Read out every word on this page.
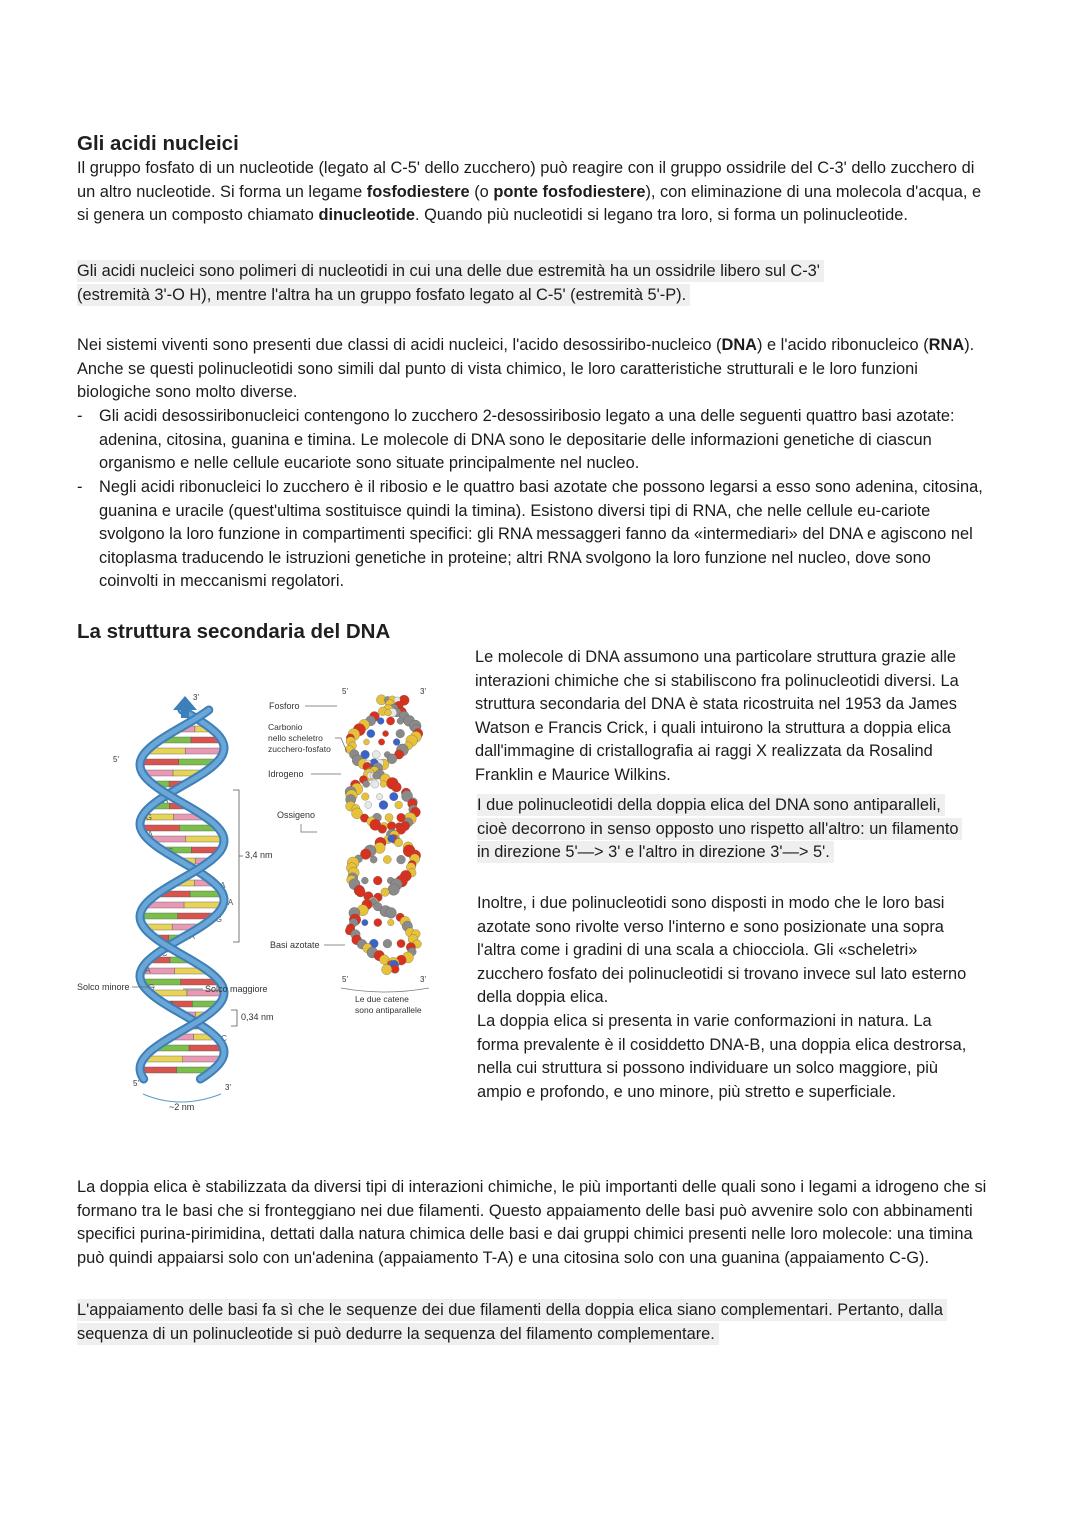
Gli acidi nucleici

Il gruppo fosfato di un nucleotide (legato al C-5' dello zucchero) può reagire con il gruppo ossidrile del C-3' dello zucchero di un altro nucleotide. Si forma un legame fosfodiestere (o ponte fosfodiestere), con eliminazione di una molecola d'acqua, e si genera un composto chiamato dinucleotide. Quando più nucleotidi si legano tra loro, si forma un polinucleotide.

Gli acidi nucleici sono polimeri di nucleotidi in cui una delle due estremità ha un ossidrile libero sul C-3' (estremità 3'-O H), mentre l'altra ha un gruppo fosfato legato al C-5' (estremità 5'-P).

Nei sistemi viventi sono presenti due classi di acidi nucleici, l'acido desossiribo-nucleico (DNA) e l'acido ribonucleico (RNA). Anche se questi polinucleotidi sono simili dal punto di vista chimico, le loro caratteristiche strutturali e le loro funzioni biologiche sono molto diverse.

- Gli acidi desossiribonucleici contengono lo zucchero 2-desossiribosio legato a una delle seguenti quattro basi azotate: adenina, citosina, guanina e timina. Le molecole di DNA sono le depositarie delle informazioni genetiche di ciascun organismo e nelle cellule eucariote sono situate principalmente nel nucleo.
- Negli acidi ribonucleici lo zucchero è il ribosio e le quattro basi azotate che possono legarsi a esso sono adenina, citosina, guanina e uracile (quest'ultima sostituisce quindi la timina). Esistono diversi tipi di RNA, che nelle cellule eu-cariote svolgono la loro funzione in compartimenti specifici: gli RNA messaggeri fanno da «intermediari» del DNA e agiscono nel citoplasma traducendo le istruzioni genetiche in proteine; altri RNA svolgono la loro funzione nel nucleo, dove sono coinvolti in meccanismi regolatori.
La struttura secondaria del DNA
A
G
A
G
C
A
A
G
A
C
A
G
A
A
C
3'
5'
Fosforo
Carbonio
nello scheletro
zucchero-fosfato
Idrogeno
Ossigeno
3,4 nm
Basi azotate
Solco minore	Solco maggiore
0,34 nm
5'	3'
~2 nm
5'	3'
5'	3'
Le due catene
sono antiparallele

Le molecole di DNA assumono una particolare struttura grazie alle interazioni chimiche che si stabiliscono fra polinucleotidi diversi. La struttura secondaria del DNA è stata ricostruita nel 1953 da James Watson e Francis Crick, i quali intuirono la struttura a doppia elica dall'immagine di cristallografia ai raggi X realizzata da Rosalind Franklin e Maurice Wilkins.

I due polinucleotidi della doppia elica del DNA sono antiparalleli, cioè decorrono in senso opposto uno rispetto all'altro: un filamento in direzione 5'—> 3' e l'altro in direzione 3'—> 5'.

Inoltre, i due polinucleotidi sono disposti in modo che le loro basi azotate sono rivolte verso l'interno e sono posizionate una sopra l'altra come i gradini di una scala a chiocciola. Gli «scheletri» zucchero fosfato dei polinucleotidi si trovano invece sul lato esterno della doppia elica.

La doppia elica si presenta in varie conformazioni in natura. La forma prevalente è il cosiddetto DNA-B, una doppia elica destrorsa, nella cui struttura si possono individuare un solco maggiore, più ampio e profondo, e uno minore, più stretto e superficiale.

La doppia elica è stabilizzata da diversi tipi di interazioni chimiche, le più importanti delle quali sono i legami a idrogeno che si formano tra le basi che si fronteggiano nei due filamenti. Questo appaiamento delle basi può avvenire solo con abbinamenti specifici purina-pirimidina, dettati dalla natura chimica delle basi e dai gruppi chimici presenti nelle loro molecole: una timina può quindi appaiarsi solo con un'adenina (appaiamento T-A) e una citosina solo con una guanina (appaiamento C-G).

L'appaiamento delle basi fa sì che le sequenze dei due filamenti della doppia elica siano complementari. Pertanto, dalla sequenza di un polinucleotide si può dedurre la sequenza del filamento complementare.
